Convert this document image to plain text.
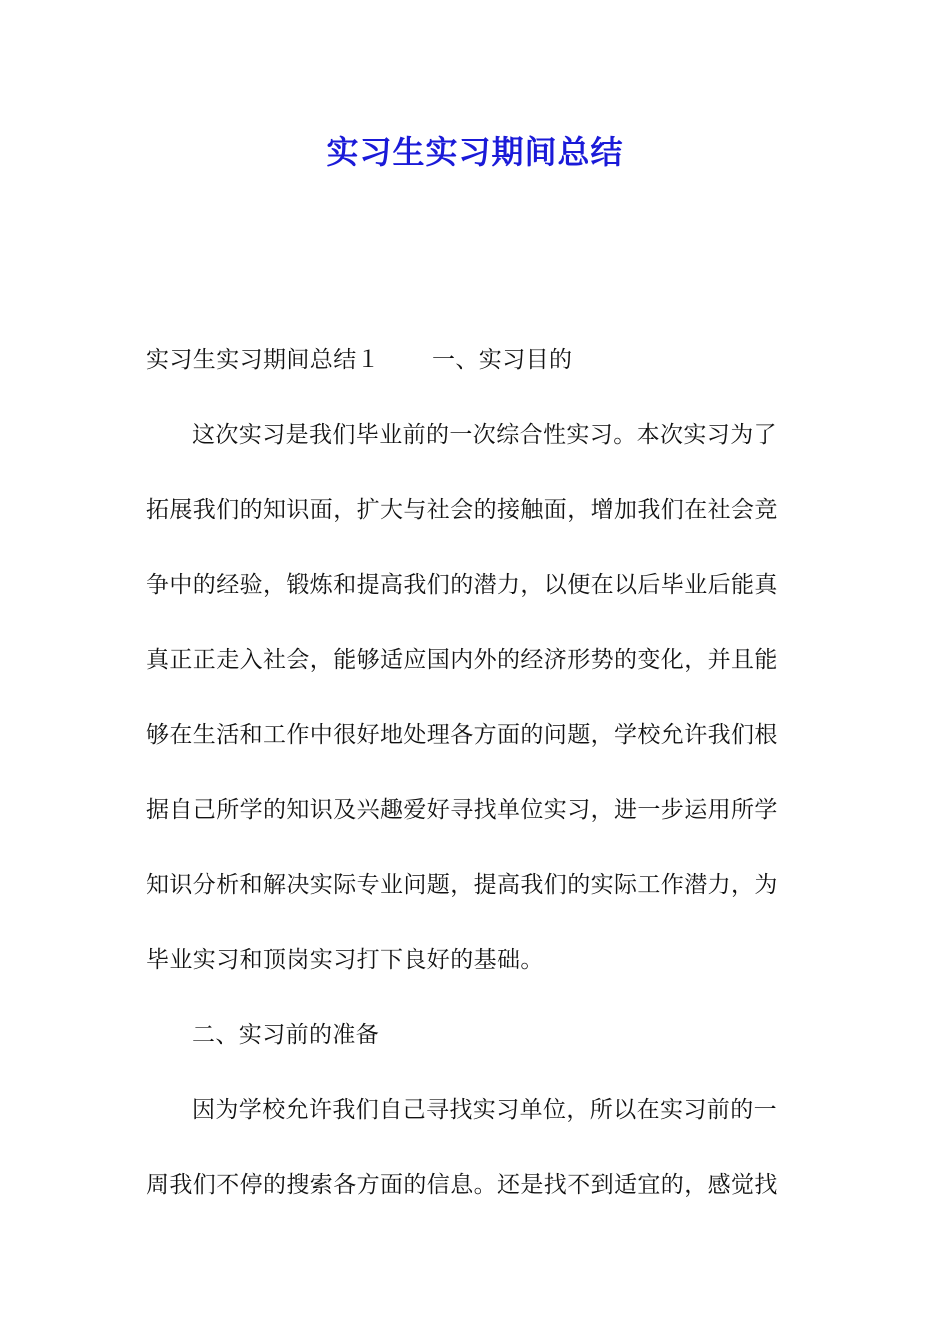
实习生实习期间总结
实习生实习期间总结１ 一、实习目的
这次实习是我们毕业前的一次综合性实习。本次实习为了
拓展我们的知识面，扩大与社会的接触面，增加我们在社会竞
争中的经验，锻炼和提高我们的潜力，以便在以后毕业后能真
真正正走入社会，能够适应国内外的经济形势的变化，并且能
够在生活和工作中很好地处理各方面的问题，学校允许我们根
据自己所学的知识及兴趣爱好寻找单位实习，进一步运用所学
知识分析和解决实际专业问题，提高我们的实际工作潜力，为
毕业实习和顶岗实习打下良好的基础。
二、实习前的准备
因为学校允许我们自己寻找实习单位，所以在实习前的一
周我们不停的搜索各方面的信息。还是找不到适宜的，感觉找
